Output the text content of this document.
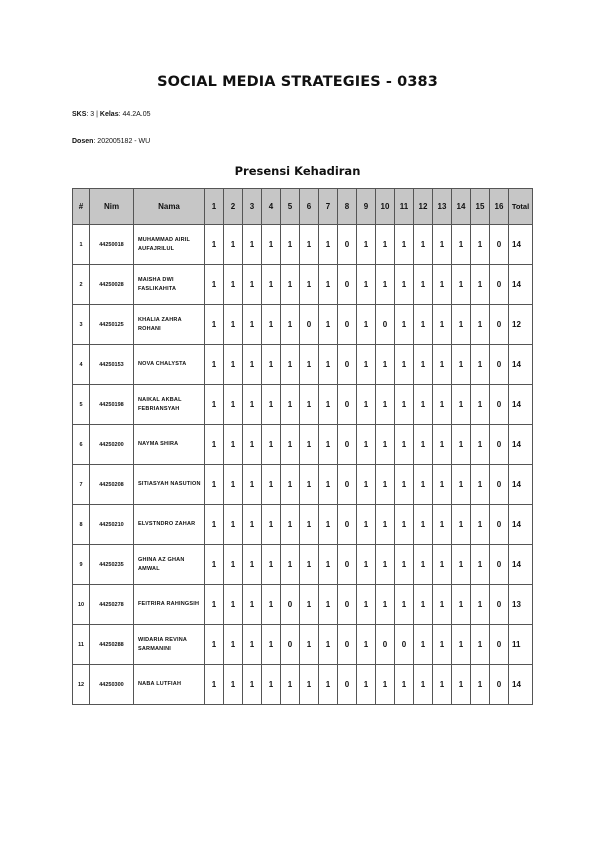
SOCIAL MEDIA STRATEGIES - 0383
SKS: 3 | Kelas: 44.2A.05
Dosen: 202005182 - WU
Presensi Kehadiran
#	Nim	Nama	1	2	3	4	5	6	7	8	9	10	11	12	13	14	15	16	Total
1	44250018	MUHAMMAD AIRIL AUFAJRILUL	1	1	1	1	1	1	1	0	1	1	1	1	1	1	1	0	14
2	44250028	MAISHA DWI FASLIKAHITA	1	1	1	1	1	1	1	0	1	1	1	1	1	1	1	0	14
3	44250125	KHALIA ZAHRA ROHANI	1	1	1	1	1	0	1	0	1	0	1	1	1	1	1	0	12
4	44250153	NOVA CHALYSTA	1	1	1	1	1	1	1	0	1	1	1	1	1	1	1	0	14
5	44250198	NAIKAL AKBAL FEBRIANSYAH	1	1	1	1	1	1	1	0	1	1	1	1	1	1	1	0	14
6	44250200	NAYMA SHIRA	1	1	1	1	1	1	1	0	1	1	1	1	1	1	1	0	14
7	44250208	SITIASYAH NASUTION	1	1	1	1	1	1	1	0	1	1	1	1	1	1	1	0	14
8	44250210	ELVSTNDRO ZAHAR	1	1	1	1	1	1	1	0	1	1	1	1	1	1	1	0	14
9	44250235	GHINA AZ GHAN AMWAL	1	1	1	1	1	1	1	0	1	1	1	1	1	1	1	0	14
10	44250278	FEITRIRA RAHINGSIH	1	1	1	1	0	1	1	0	1	1	1	1	1	1	1	0	13
11	44250288	WIDARIA REVINA SARMANINI	1	1	1	1	0	1	1	0	1	0	0	1	1	1	1	0	11
12	44250300	NABA LUTFIAH	1	1	1	1	1	1	1	0	1	1	1	1	1	1	1	0	14
